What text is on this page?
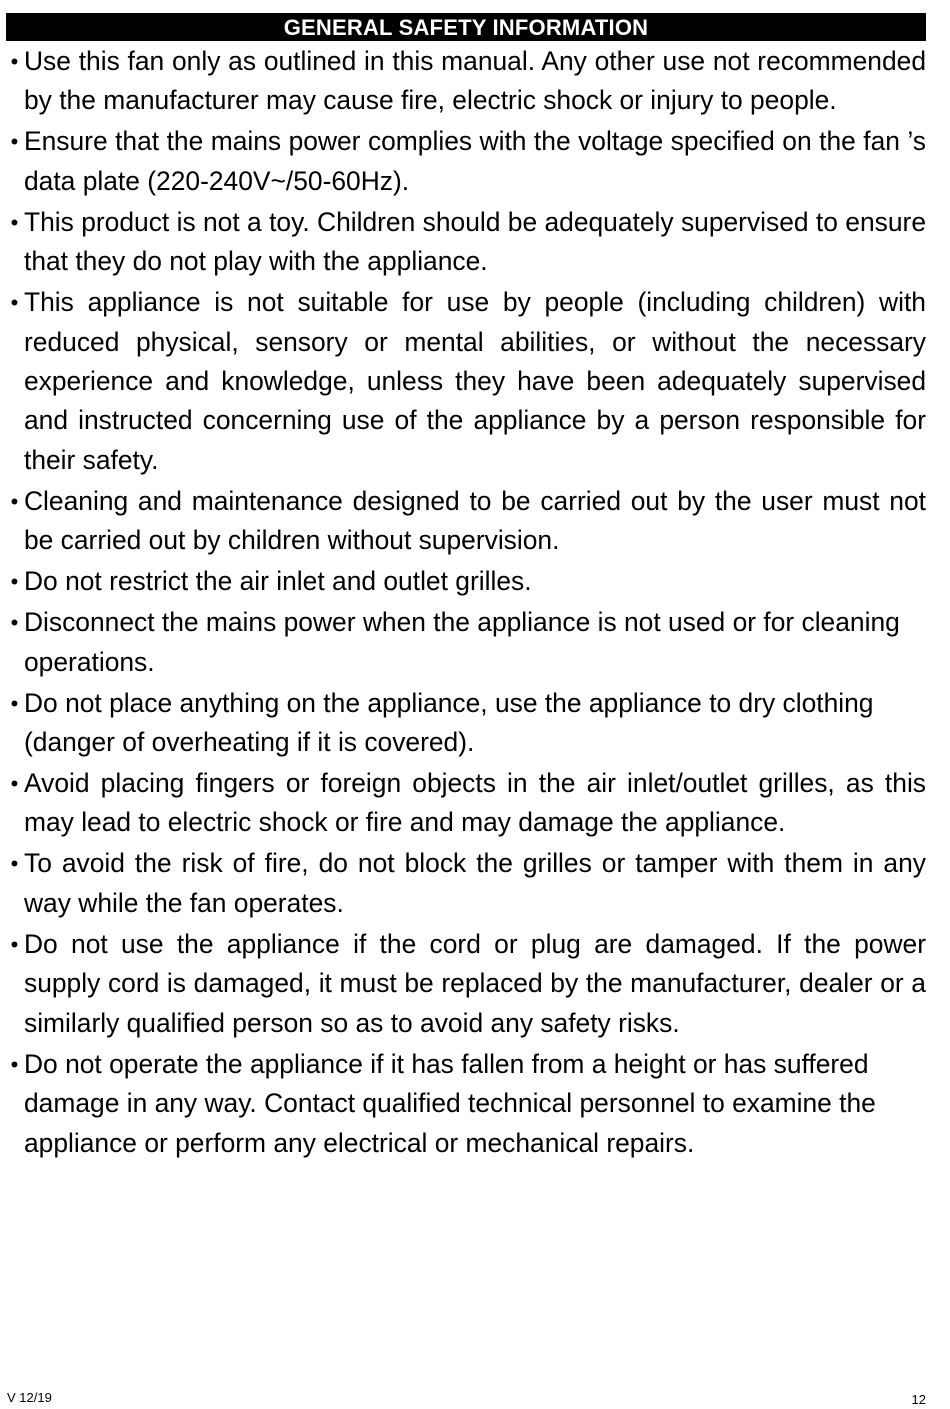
GENERAL SAFETY INFORMATION
• Use this fan only as outlined in this manual. Any other use not recommended by the manufacturer may cause fire, electric shock or injury to people.
• Ensure that the mains power complies with the voltage specified on the fan ’s data plate (220-240V~/50-60Hz).
• This product is not a toy. Children should be adequately supervised to ensure that they do not play with the appliance.
• This appliance is not suitable for use by people (including children) with reduced physical, sensory or mental abilities, or without the necessary experience and knowledge, unless they have been adequately supervised and instructed concerning use of the appliance by a person responsible for their safety.
• Cleaning and maintenance designed to be carried out by the user must not be carried out by children without supervision.
• Do not restrict the air inlet and outlet grilles.
• Disconnect the mains power when the appliance is not used or for cleaning operations.
• Do not place anything on the appliance, use the appliance to dry clothing (danger of overheating if it is covered).
• Avoid placing fingers or foreign objects in the air inlet/outlet grilles, as this may lead to electric shock or fire and may damage the appliance.
• To avoid the risk of fire, do not block the grilles or tamper with them in any way while the fan operates.
• Do not use the appliance if the cord or plug are damaged. If the power supply cord is damaged, it must be replaced by the manufacturer, dealer or a similarly qualified person so as to avoid any safety risks.
• Do not operate the appliance if it has fallen from a height or has suffered damage in any way. Contact qualified technical personnel to examine the appliance or perform any electrical or mechanical repairs.
V 12/19	12
